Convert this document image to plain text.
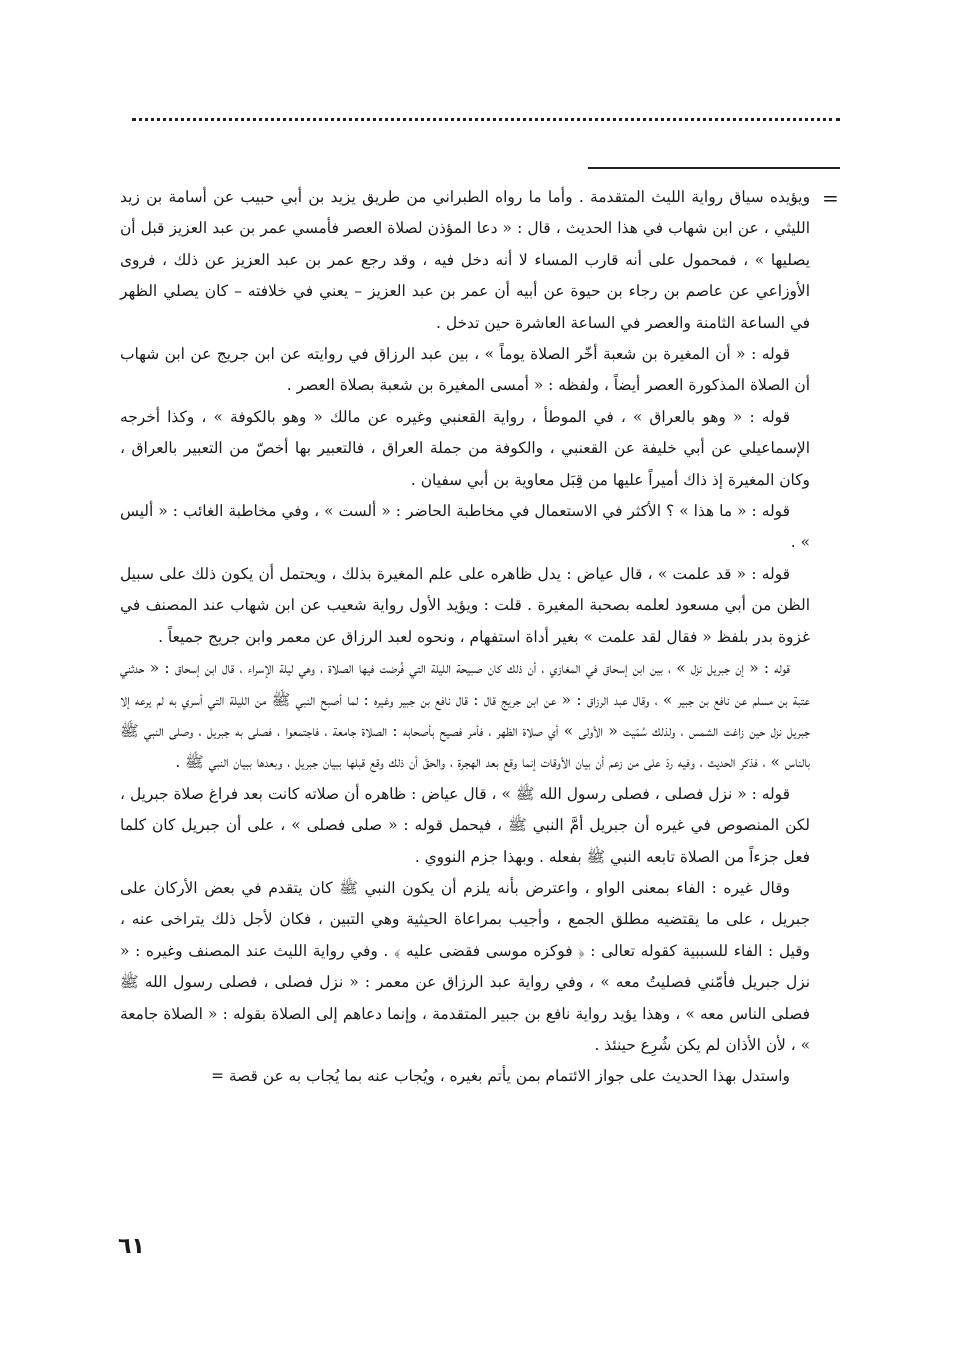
=

ويؤيده سياق رواية الليث المتقدمة . وأما ما رواه الطبراني من طريق يزيد بن أبي حبيب عن أسامة بن زيد الليثي ، عن ابن شهاب في هذا الحديث ، قال : « دعا المؤذن لصلاة العصر فأمسي عمر بن عبد العزيز قبل أن يصليها » ، فمحمول على أنه قارب المساء لا أنه دخل فيه ، وقد رجع عمر بن عبد العزيز عن ذلك ، فروى الأوزاعي عن عاصم بن رجاء بن حيوة عن أبيه أن عمر بن عبد العزيز – يعني في خلافته – كان يصلي الظهر في الساعة الثامنة والعصر في الساعة العاشرة حين تدخل .

قوله : « أن المغيرة بن شعبة أخّر الصلاة يوماً » ، بين عبد الرزاق في روايته عن ابن جريج عن ابن شهاب أن الصلاة المذكورة العصر أيضاً ، ولفظه : « أمسى المغيرة بن شعبة بصلاة العصر .

قوله : « وهو بالعراق » ، في الموطأ ، رواية القعنبي وغيره عن مالك « وهو بالكوفة » ، وكذا أخرجه الإسماعيلي عن أبي خليفة عن القعنبي ، والكوفة من جملة العراق ، فالتعبير بها أخصّ من التعبير بالعراق ، وكان المغيرة إذ ذاك أميراً عليها من قِبَل معاوية بن أبي سفيان .

قوله : « ما هذا » ؟ الأكثر في الاستعمال في مخاطبة الحاضر : « ألست » ، وفي مخاطبة الغائب : « أليس » .

قوله : « قد علمت » ، قال عياض : يدل ظاهره على علم المغيرة بذلك ، ويحتمل أن يكون ذلك على سبيل الظن من أبي مسعود لعلمه بصحبة المغيرة . قلت : ويؤيد الأول رواية شعيب عن ابن شهاب عند المصنف في غزوة بدر بلفظ « فقال لقد علمت » بغير أداة استفهام ، ونحوه لعبد الرزاق عن معمر وابن جريج جميعاً .

قوله : « إن جبريل نزل » ، بين ابن إسحاق في المغازي ، أن ذلك كان صبيحة الليلة التي فُرضت فيها الصلاة ، وهي ليلة الإسراء ، قال ابن إسحاق : « حدثني عتبة بن مسلم عن نافع بن جبير » ، وقال عبد الرزاق : « عن ابن جريج قال : قال نافع بن جبير وغيره : لما أصبح النبي ﷺ من الليلة التي أسري به لم يرعه إلا جبريل نزل حين زاغت الشمس ، ولذلك سُمّيت « الأولى » أي صلاة الظهر ، فأمر فصيح بأصحابه : الصلاة جامعة ، فاجتمعوا ، فصلى به جبريل ، وصلى النبي ﷺ بالناس » ، فذكر الحديث ، وفيه ردّ على من زعم أن بيان الأوقات إنما وقع بعد الهجرة ، والحقّ أن ذلك وقع قبلها ببيان جبريل ، وبعدها ببيان النبي ﷺ .

قوله : « نزل فصلى ، فصلى رسول الله ﷺ » ، قال عياض : ظاهره أن صلاته كانت بعد فراغ صلاة جبريل ، لكن المنصوص في غيره أن جبريل أمَّ النبي ﷺ ، فيحمل قوله : « صلى فصلى » ، على أن جبريل كان كلما فعل جزءاً من الصلاة تابعه النبي ﷺ بفعله . وبهذا جزم النووي .

وقال غيره : الفاء بمعنى الواو ، واعترض بأنه يلزم أن يكون النبي ﷺ كان يتقدم في بعض الأركان على جبريل ، على ما يقتضيه مطلق الجمع ، وأجيب بمراعاة الحيثية وهي التبين ، فكان لأجل ذلك يتراخى عنه ، وقيل : الفاء للسببية كقوله تعالى : ﴿ فوكزه موسى فقضى عليه ﴾ . وفي رواية الليث عند المصنف وغيره : « نزل جبريل فأمّني فصليتُ معه » ، وفي رواية عبد الرزاق عن معمر : « نزل فصلى ، فصلى رسول الله ﷺ فصلى الناس معه » ، وهذا يؤيد رواية نافع بن جبير المتقدمة ، وإنما دعاهم إلى الصلاة بقوله : « الصلاة جامعة » ، لأن الأذان لم يكن شُرِع حينئذ .

واستدل بهذا الحديث على جواز الائتمام بمن يأتم بغيره ، ويُجاب عنه بما يُجاب به عن قصة =

٦١
